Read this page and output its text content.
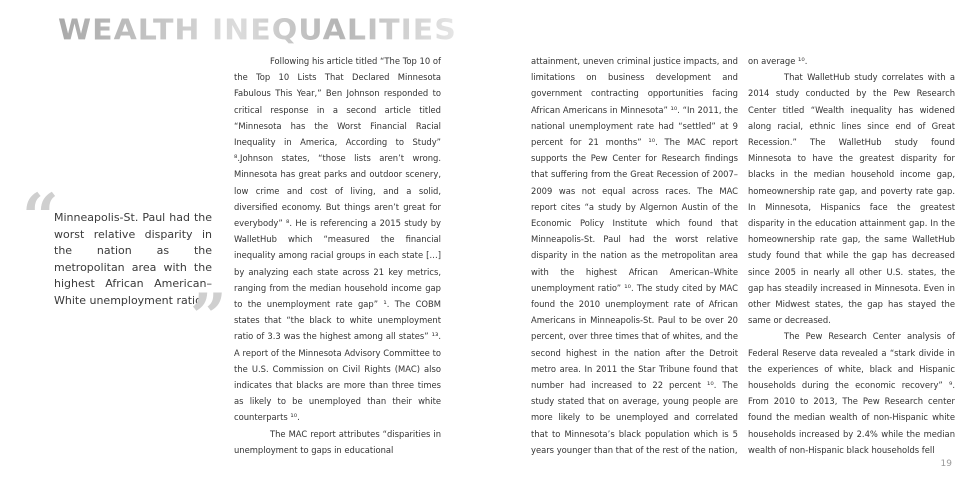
WEALTH INEQUALITIES
“
Minneapolis-St. Paul had the worst relative disparity in the nation as the metropolitan area with the highest African American–
White unemployment ratio.
”

Following his article titled “The Top 10 of the Top 10 Lists That Declared Minnesota Fabulous This Year,” Ben Johnson responded to critical response in a second article titled “Minnesota has the Worst Financial Racial Inequality in America, According to Study” ⁸.Johnson states, “those lists aren’t wrong. Minnesota has great parks and outdoor scenery, low crime and cost of living, and a solid, diversified economy. But things aren’t great for everybody” ⁸. He is referencing a 2015 study by WalletHub which “measured the financial inequality among racial groups in each state […] by analyzing each state across 21 key metrics, ranging from the median household income gap to the unemployment rate gap” ¹. The COBM states that “the black to white unemployment ratio of 3.3 was the highest among all states” ¹³. A report of the Minnesota Advisory Committee to the U.S. Commission on Civil Rights (MAC) also indicates that blacks are more than three times as likely to be unemployed than their white counterparts ¹⁰.

The MAC report attributes “disparities in unemployment to gaps in educational

attainment, uneven criminal justice impacts, and limitations on business development and government contracting opportunities facing African Americans in Minnesota” ¹⁰. “In 2011, the national unemployment rate had “settled” at 9 percent for 21 months” ¹⁰. The MAC report supports the Pew Center for Research findings that suffering from the Great Recession of 2007–2009 was not equal across races. The MAC report cites “a study by Algernon Austin of the Economic Policy Institute which found that Minneapolis-St. Paul had the worst relative disparity in the nation as the metropolitan area with the highest African American–White unemployment ratio” ¹⁰. The study cited by MAC found the 2010 unemployment rate of African Americans in Minneapolis-St. Paul to be over 20 percent, over three times that of whites, and the second highest in the nation after the Detroit metro area. In 2011 the Star Tribune found that number had increased to 22 percent ¹⁰. The study stated that on average, young people are more likely to be unemployed and correlated that to Minnesota’s black population which is 5 years younger than that of the rest of the nation,

on average ¹⁰.

That WalletHub study correlates with a 2014 study conducted by the Pew Research Center titled “Wealth inequality has widened along racial, ethnic lines since end of Great Recession.” The WalletHub study found Minnesota to have the greatest disparity for blacks in the median household income gap, homeownership rate gap, and poverty rate gap. In Minnesota, Hispanics face the greatest disparity in the education attainment gap. In the homeownership rate gap, the same WalletHub study found that while the gap has decreased since 2005 in nearly all other U.S. states, the gap has steadily increased in Minnesota. Even in other Midwest states, the gap has stayed the same or decreased.

The Pew Research Center analysis of Federal Reserve data revealed a “stark divide in the experiences of white, black and Hispanic households during the economic recovery” ⁹. From 2010 to 2013, The Pew Research center found the median wealth of non-Hispanic white households increased by 2.4% while the median wealth of non-Hispanic black households fell

19
